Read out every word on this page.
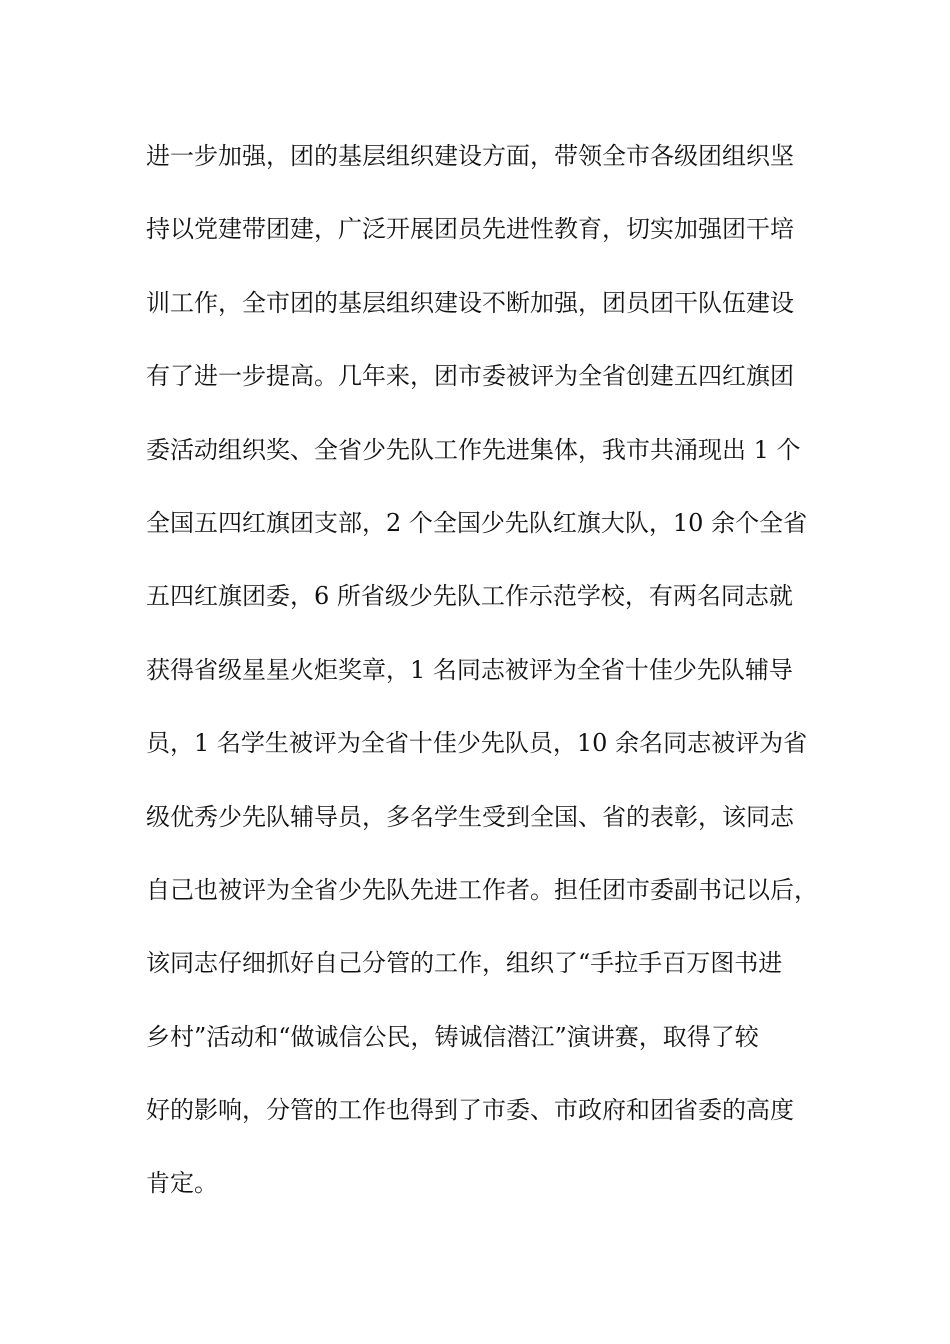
进一步加强，团的基层组织建设方面，带领全市各级团组织坚
持以党建带团建，广泛开展团员先进性教育，切实加强团干培
训工作，全市团的基层组织建设不断加强，团员团干队伍建设
有了进一步提高。几年来，团市委被评为全省创建五四红旗团
委活动组织奖、全省少先队工作先进集体，我市共涌现出 1 个
全国五四红旗团支部，2 个全国少先队红旗大队，10 余个全省
五四红旗团委，6 所省级少先队工作示范学校，有两名同志就
获得省级星星火炬奖章，1 名同志被评为全省十佳少先队辅导
员，1 名学生被评为全省十佳少先队员，10 余名同志被评为省
级优秀少先队辅导员，多名学生受到全国、省的表彰，该同志
自己也被评为全省少先队先进工作者。担任团市委副书记以后，
该同志仔细抓好自己分管的工作，组织了“手拉手百万图书进
乡村”活动和“做诚信公民，铸诚信潜江”演讲赛，取得了较
好的影响，分管的工作也得到了市委、市政府和团省委的高度
肯定。
